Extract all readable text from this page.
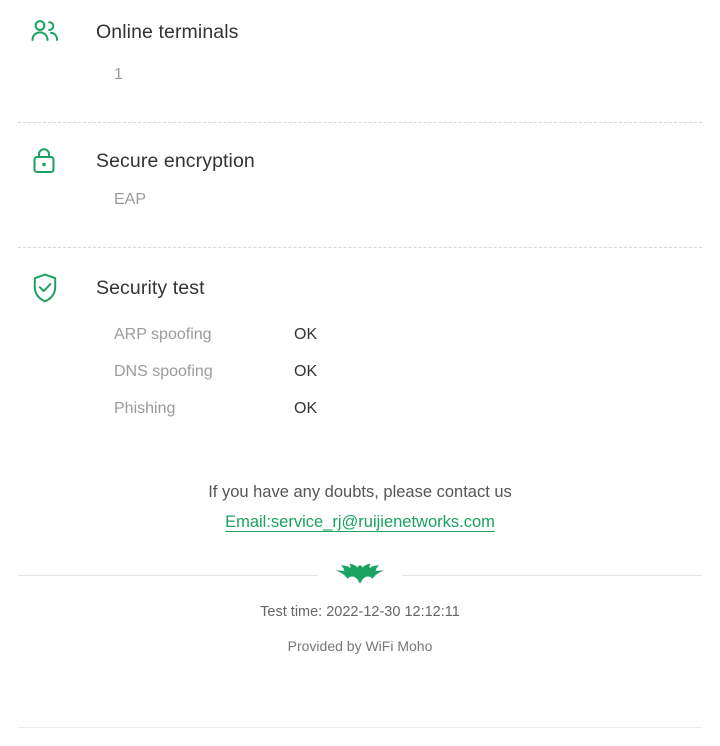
Online terminals
1
Secure encryption
EAP
Security test
ARP spoofing	OK
DNS spoofing	OK
Phishing	OK
If you have any doubts, please contact us
Email:service_rj@ruijienetworks.com
Test time: 2022-12-30 12:12:11
Provided by WiFi Moho
